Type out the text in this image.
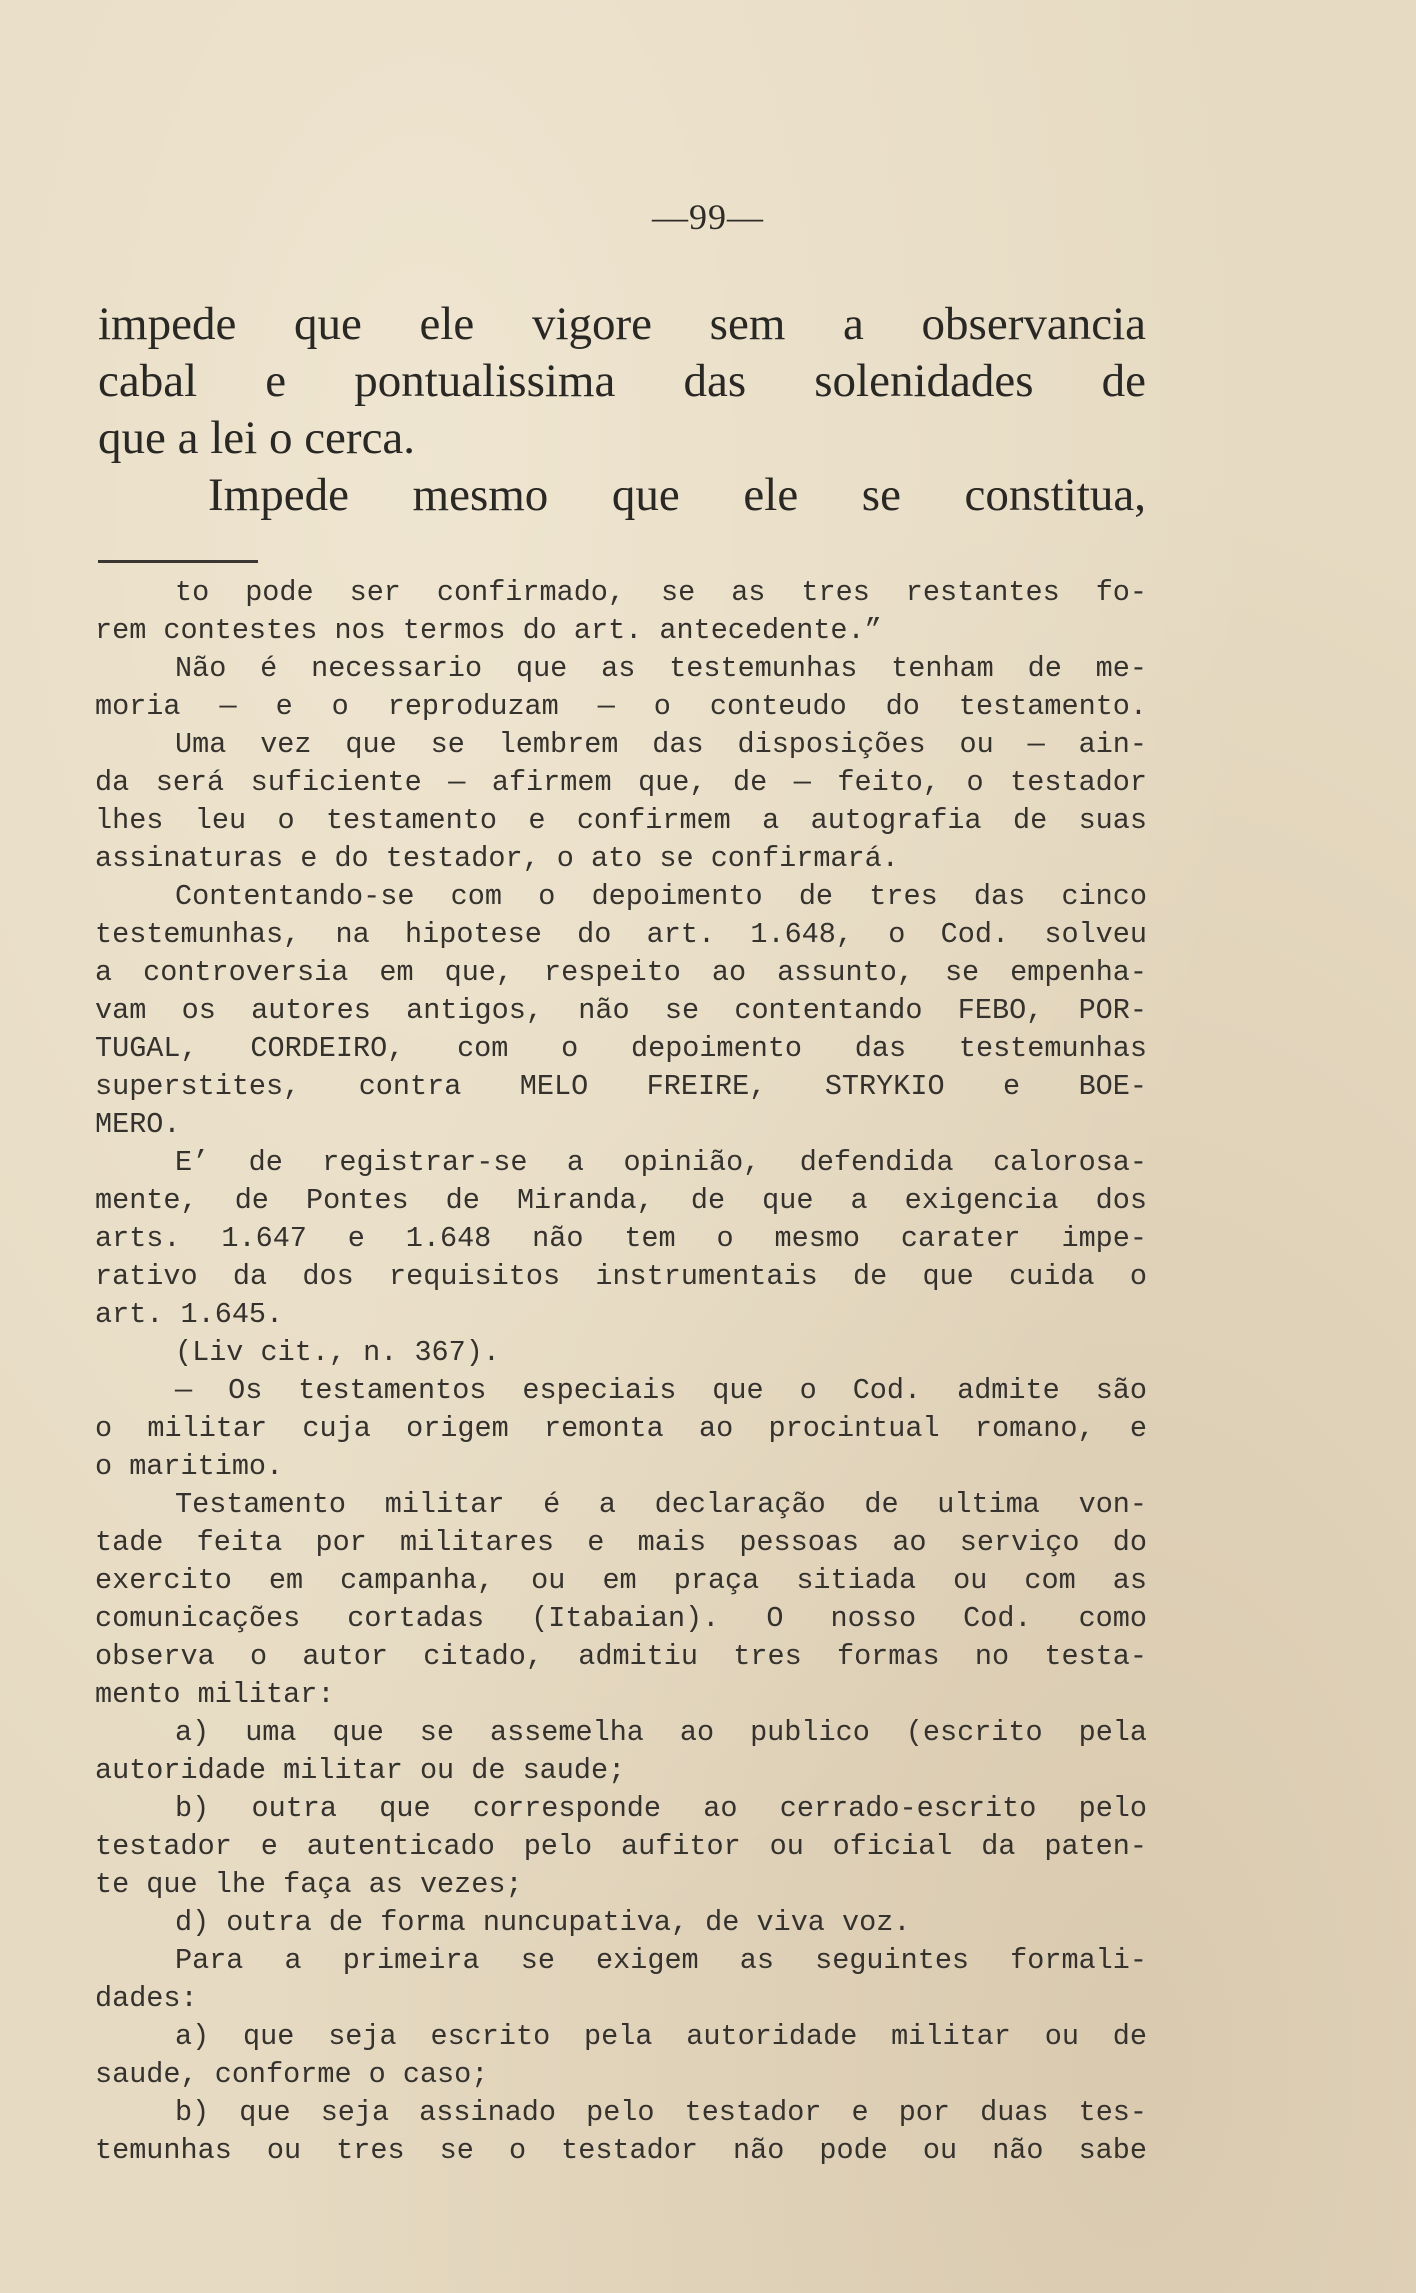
—99—
impede que ele vigore sem a observancia
cabal e pontualissima das solenidades de
que a lei o cerca.
Impede mesmo que ele se constitua,
to pode ser confirmado, se as tres restantes fo-
rem contestes nos termos do art. antecedente.”
Não é necessario que as testemunhas tenham de me-
moria — e o reproduzam — o conteudo do testamento.
Uma vez que se lembrem das disposições ou — ain-
da será suficiente — afirmem que, de — feito, o testador
lhes leu o testamento e confirmem a autografia de suas
assinaturas e do testador, o ato se confirmará.
Contentando-se com o depoimento de tres das cinco
testemunhas, na hipotese do art. 1.648, o Cod. solveu
a controversia em que, respeito ao assunto, se empenha-
vam os autores antigos, não se contentando FEBO, POR-
TUGAL, CORDEIRO, com o depoimento das testemunhas
superstites, contra MELO FREIRE, STRYKIO e BOE-
MERO.
E’ de registrar-se a opinião, defendida calorosa-
mente, de Pontes de Miranda, de que a exigencia dos
arts. 1.647 e 1.648 não tem o mesmo carater impe-
rativo da dos requisitos instrumentais de que cuida o
art. 1.645.
(Liv cit., n. 367).
— Os testamentos especiais que o Cod. admite são
o militar cuja origem remonta ao procintual romano, e
o maritimo.
Testamento militar é a declaração de ultima von-
tade feita por militares e mais pessoas ao serviço do
exercito em campanha, ou em praça sitiada ou com as
comunicações cortadas (Itabaian). O nosso Cod. como
observa o autor citado, admitiu tres formas no testa-
mento militar:
a) uma que se assemelha ao publico (escrito pela
autoridade militar ou de saude;
b) outra que corresponde ao cerrado-escrito pelo
testador e autenticado pelo aufitor ou oficial da paten-
te que lhe faça as vezes;
d) outra de forma nuncupativa, de viva voz.
Para a primeira se exigem as seguintes formali-
dades:
a) que seja escrito pela autoridade militar ou de
saude, conforme o caso;
b) que seja assinado pelo testador e por duas tes-
temunhas ou tres se o testador não pode ou não sabe
